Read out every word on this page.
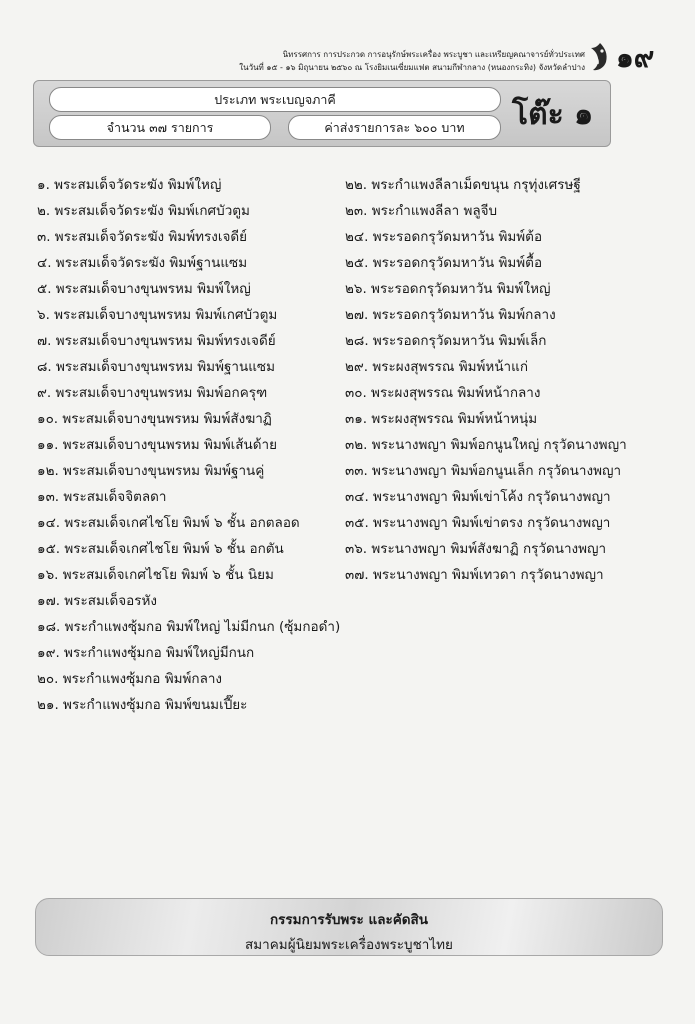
นิทรรศการ การประกวด การอนุรักษ์พระเครื่อง พระบูชา และเหรียญคณาจารย์ทั่วประเทศ
ในวันที่ ๑๕ - ๑๖ มิถุนายน ๒๕๖๐ ณ โรงยิมเนเซี่ยมแฟต สนามกีฬากลาง (หนองกระทิง) จังหวัดลำปาง ๑๙
ประเภท พระเบญจภาคี
จำนวน ๓๗ รายการ	ค่าส่งรายการละ ๖๐๐ บาท	โต๊ะ ๑
๑. พระสมเด็จวัดระฆัง พิมพ์ใหญ่
๒. พระสมเด็จวัดระฆัง พิมพ์เกศบัวตูม
๓. พระสมเด็จวัดระฆัง พิมพ์ทรงเจดีย์
๔. พระสมเด็จวัดระฆัง พิมพ์ฐานแซม
๕. พระสมเด็จบางขุนพรหม พิมพ์ใหญ่
๖. พระสมเด็จบางขุนพรหม พิมพ์เกศบัวตูม
๗. พระสมเด็จบางขุนพรหม พิมพ์ทรงเจดีย์
๘. พระสมเด็จบางขุนพรหม พิมพ์ฐานแซม
๙. พระสมเด็จบางขุนพรหม พิมพ์อกครุฑ
๑๐. พระสมเด็จบางขุนพรหม พิมพ์สังฆาฏิ
๑๑. พระสมเด็จบางขุนพรหม พิมพ์เส้นด้าย
๑๒. พระสมเด็จบางขุนพรหม พิมพ์ฐานคู่
๑๓. พระสมเด็จจิตลดา
๑๔. พระสมเด็จเกศไชโย พิมพ์ ๖ ชั้น อกตลอด
๑๕. พระสมเด็จเกศไชโย พิมพ์ ๖ ชั้น อกตัน
๑๖. พระสมเด็จเกศไชโย พิมพ์ ๖ ชั้น นิยม
๑๗. พระสมเด็จอรหัง
๑๘. พระกำแพงซุ้มกอ พิมพ์ใหญ่ ไม่มีกนก (ซุ้มกอดำ)
๑๙. พระกำแพงซุ้มกอ พิมพ์ใหญ่มีกนก
๒๐. พระกำแพงซุ้มกอ พิมพ์กลาง
๒๑. พระกำแพงซุ้มกอ พิมพ์ขนมเปี๊ยะ
๒๒. พระกำแพงลีลาเม็ดขนุน กรุทุ่งเศรษฐี
๒๓. พระกำแพงลีลา พลูจีบ
๒๔. พระรอดกรุวัดมหาวัน พิมพ์ต้อ
๒๕. พระรอดกรุวัดมหาวัน พิมพ์ตื้อ
๒๖. พระรอดกรุวัดมหาวัน พิมพ์ใหญ่
๒๗. พระรอดกรุวัดมหาวัน พิมพ์กลาง
๒๘. พระรอดกรุวัดมหาวัน พิมพ์เล็ก
๒๙. พระผงสุพรรณ พิมพ์หน้าแก่
๓๐. พระผงสุพรรณ พิมพ์หน้ากลาง
๓๑. พระผงสุพรรณ พิมพ์หน้าหนุ่ม
๓๒. พระนางพญา พิมพ์อกนูนใหญ่ กรุวัดนางพญา
๓๓. พระนางพญา พิมพ์อกนูนเล็ก กรุวัดนางพญา
๓๔. พระนางพญา พิมพ์เข่าโค้ง กรุวัดนางพญา
๓๕. พระนางพญา พิมพ์เข่าตรง กรุวัดนางพญา
๓๖. พระนางพญา พิมพ์สังฆาฏิ กรุวัดนางพญา
๓๗. พระนางพญา พิมพ์เทวดา กรุวัดนางพญา
กรรมการรับพระ และคัดสิน
สมาคมผู้นิยมพระเครื่องพระบูชาไทย
